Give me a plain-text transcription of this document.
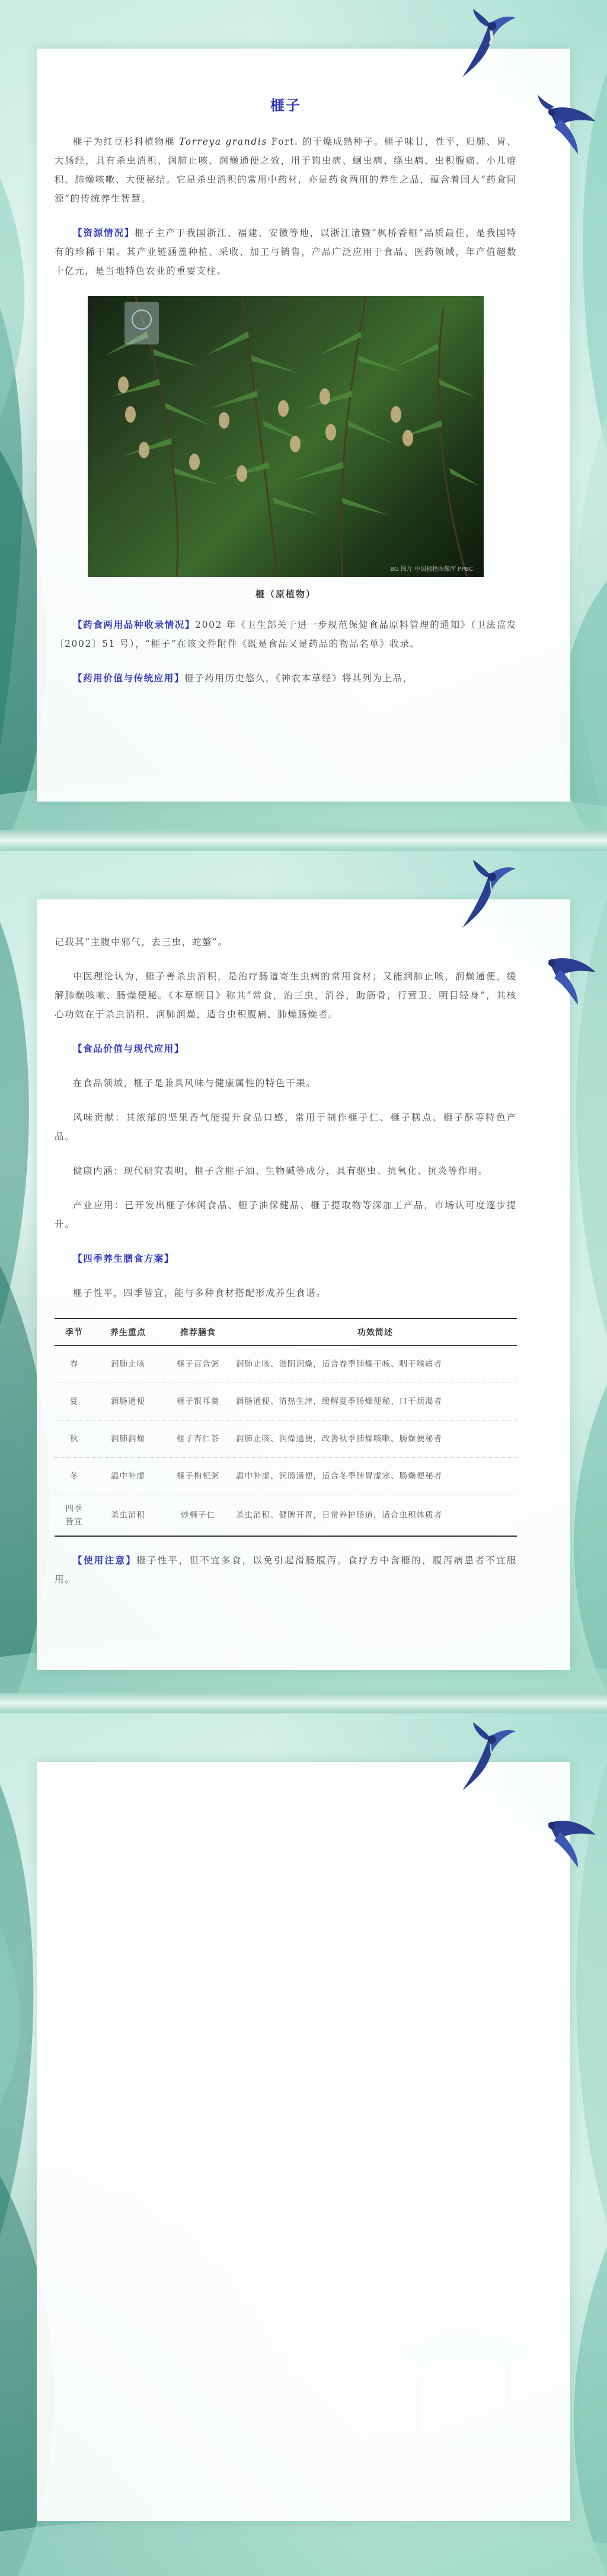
榧子

榧子为红豆杉科植物榧 Torreya grandis Fort. 的干燥成熟种子。榧子味甘，性平，归肺、胃、大肠经，具有杀虫消积、润肺止咳、润燥通便之效，用于钩虫病、蛔虫病、绦虫病、虫积腹痛、小儿疳积、肺燥咳嗽、大便秘结。它是杀虫消积的常用中药材，亦是药食两用的养生之品，蕴含着国人“药食同源”的传统养生智慧。

【资源情况】榧子主产于我国浙江、福建、安徽等地，以浙江诸暨“枫桥香榧”品质最佳，是我国特有的珍稀干果。其产业链涵盖种植、采收、加工与销售，产品广泛应用于食品、医药领域，年产值超数十亿元，是当地特色农业的重要支柱。

BG 图片 中国植物图像库 PPBC
榧（原植物）

【药食两用品种收录情况】2002 年《卫生部关于进一步规范保健食品原料管理的通知》（卫法监发〔2002〕51 号），“榧子”在该文件附件《既是食品又是药品的物品名单》收录。

【药用价值与传统应用】榧子药用历史悠久，《神农本草经》将其列为上品，

记载其“主腹中邪气，去三虫，蛇螫”。

中医理论认为，榧子善杀虫消积，是治疗肠道寄生虫病的常用食材；又能润肺止咳，润燥通便，缓解肺燥咳嗽、肠燥便秘。《本草纲目》称其“常食，治三虫，消谷，助筋骨，行营卫，明目轻身”，其核心功效在于杀虫消积、润肺润燥，适合虫积腹痛、肺燥肠燥者。

【食品价值与现代应用】

在食品领域，榧子是兼具风味与健康属性的特色干果。

风味贡献：其浓郁的坚果香气能提升食品口感，常用于制作榧子仁、榧子糕点、榧子酥等特色产品。

健康内涵：现代研究表明，榧子含榧子油、生物碱等成分，具有驱虫、抗氧化、抗炎等作用。

产业应用：已开发出榧子休闲食品、榧子油保健品、榧子提取物等深加工产品，市场认可度逐步提升。

【四季养生膳食方案】

榧子性平，四季皆宜，能与多种食材搭配形成养生食谱。

季节	养生重点	推荐膳食	功效简述
春	润肺止咳	榧子百合粥	润肺止咳、滋阴润燥，适合春季肺燥干咳、咽干喉痛者
夏	润肠通便	榧子银耳羹	润肠通便、清热生津，缓解夏季肠燥便秘、口干烦渴者
秋	润肺润燥	榧子杏仁茶	润肺止咳、润燥通便，改善秋季肺燥咳嗽、肠燥便秘者
冬	温中补虚	榧子枸杞粥	温中补虚、润肠通便，适合冬季脾胃虚寒、肠燥便秘者
四季
皆宜	杀虫消积	炒榧子仁	杀虫消积、健脾开胃，日常养护肠道，适合虫积体质者

【使用注意】榧子性平，但不宜多食，以免引起滑肠腹泻。食疗方中含榧的，腹泻病患者不宜服用。
